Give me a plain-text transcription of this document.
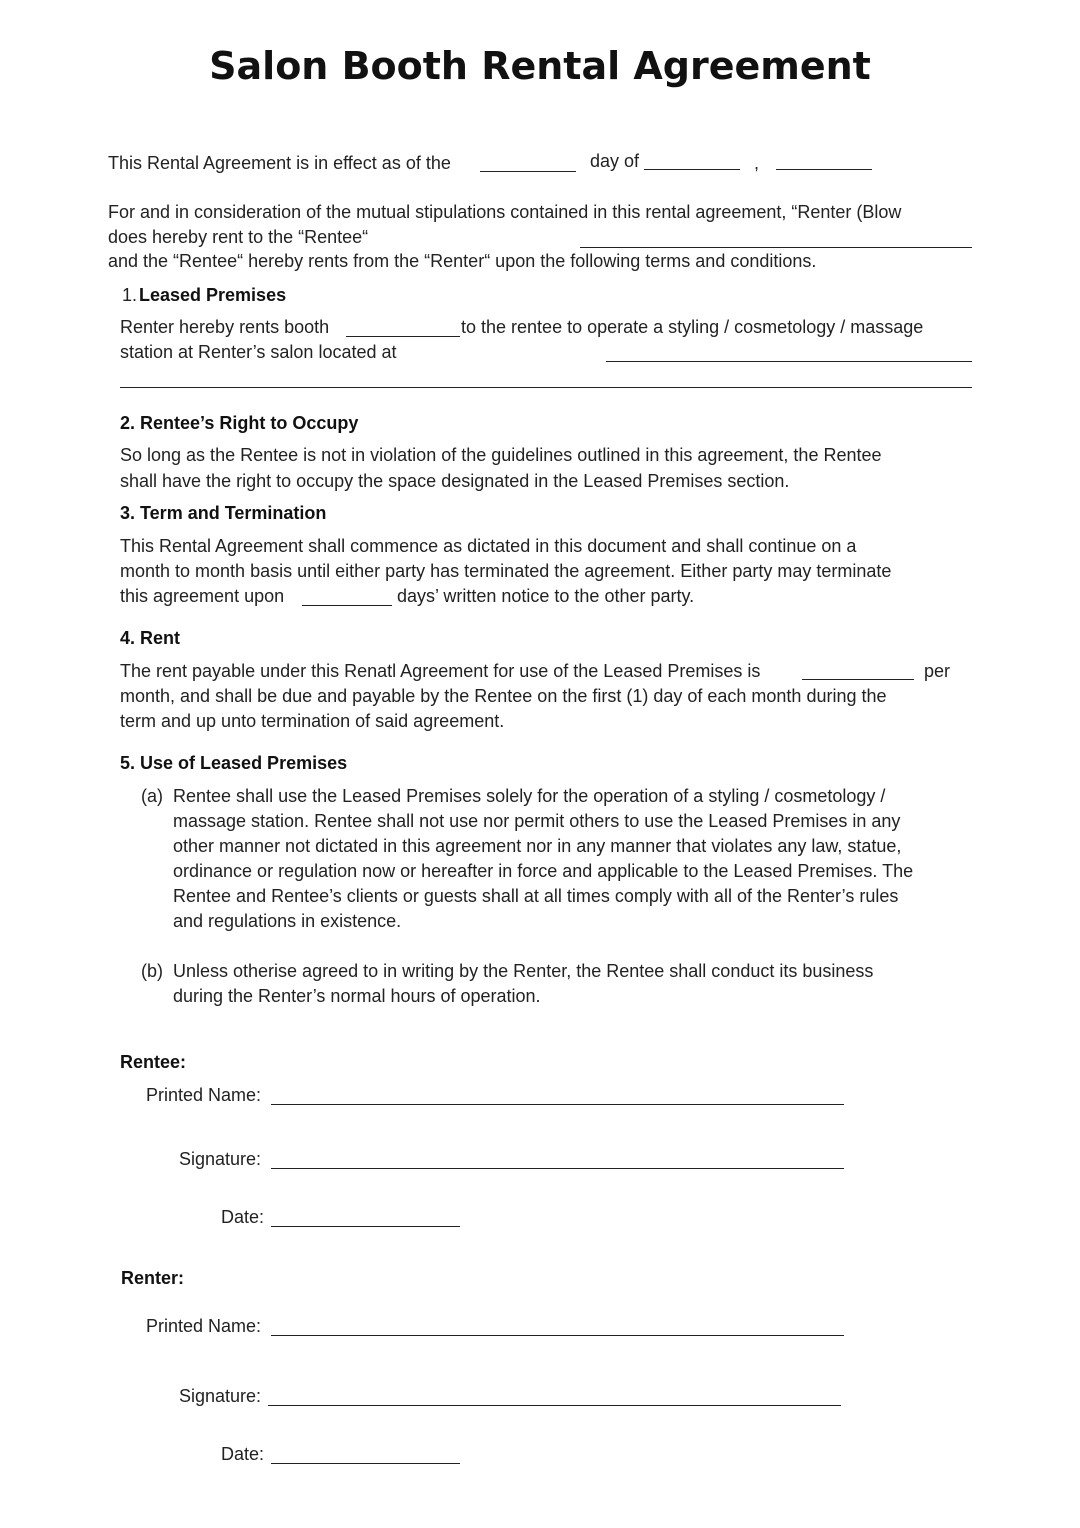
Salon Booth Rental Agreement
This Rental Agreement is in effect as of the	day of	,
For and in consideration of the mutual stipulations contained in this rental agreement, “Renter (Blow
does hereby rent to the “Rentee“
and the “Rentee“ hereby rents from the “Renter“ upon the following terms and conditions.
1. Leased Premises
Renter hereby rents booth	to the rentee to operate a styling / cosmetology / massage
station at Renter’s salon located at
2. Rentee’s Right to Occupy
So long as the Rentee is not in violation of the guidelines outlined in this agreement, the Rentee
shall have the right to occupy the space designated in the Leased Premises section.
3. Term and Termination
This Rental Agreement shall commence as dictated in this document and shall continue on a
month to month basis until either party has terminated the agreement. Either party may terminate
this agreement upon	days’ written notice to the other party.
4. Rent
The rent payable under this Renatl Agreement for use of the Leased Premises is	per
month, and shall be due and payable by the Rentee on the first (1) day of each month during the
term and up unto termination of said agreement.
5. Use of Leased Premises
(a) Rentee shall use the Leased Premises solely for the operation of a styling / cosmetology /
massage station. Rentee shall not use nor permit others to use the Leased Premises in any
other manner not dictated in this agreement nor in any manner that violates any law, statue,
ordinance or regulation now or hereafter in force and applicable to the Leased Premises. The
Rentee and Rentee’s clients or guests shall at all times comply with all of the Renter’s rules
and regulations in existence.
(b) Unless otherise agreed to in writing by the Renter, the Rentee shall conduct its business
during the Renter’s normal hours of operation.
Rentee:
Printed Name:
Signature:
Date:
Renter:
Printed Name:
Signature:
Date:
